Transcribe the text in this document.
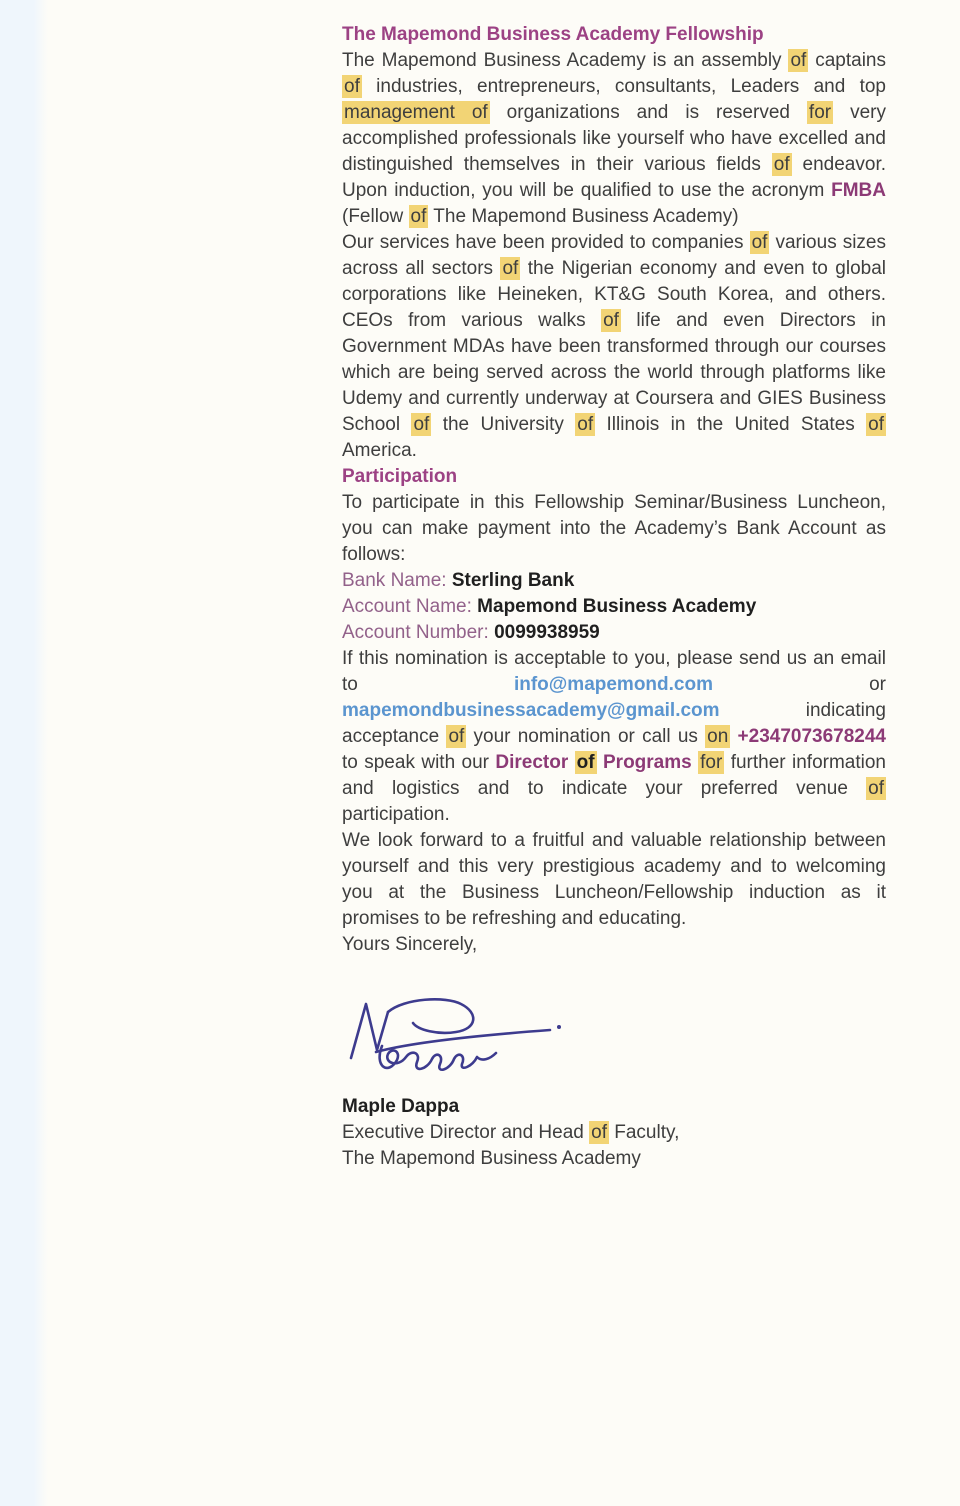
The Mapemond Business Academy Fellowship

The Mapemond Business Academy is an assembly of captains of industries, entrepreneurs, consultants, Leaders and top management of organizations and is reserved for very accomplished professionals like yourself who have excelled and distinguished themselves in their various fields of endeavor. Upon induction, you will be qualified to use the acronym FMBA (Fellow of The Mapemond Business Academy)

Our services have been provided to companies of various sizes across all sectors of the Nigerian economy and even to global corporations like Heineken, KT&G South Korea, and others. CEOs from various walks of life and even Directors in Government MDAs have been transformed through our courses which are being served across the world through platforms like Udemy and currently underway at Coursera and GIES Business School of the University of Illinois in the United States of America.

Participation

To participate in this Fellowship Seminar/Business Luncheon, you can make payment into the Academy’s Bank Account as follows:

Bank Name: Sterling Bank
Account Name: Mapemond Business Academy
Account Number: 0099938959

If this nomination is acceptable to you, please send us an email to info@mapemond.com or mapemondbusinessacademy@gmail.com indicating acceptance of your nomination or call us on +2347073678244 to speak with our Director of Programs for further information and logistics and to indicate your preferred venue of participation.

We look forward to a fruitful and valuable relationship between yourself and this very prestigious academy and to welcoming you at the Business Luncheon/Fellowship induction as it promises to be refreshing and educating.

Yours Sincerely,

Maple Dappa
Executive Director and Head of Faculty,
The Mapemond Business Academy
